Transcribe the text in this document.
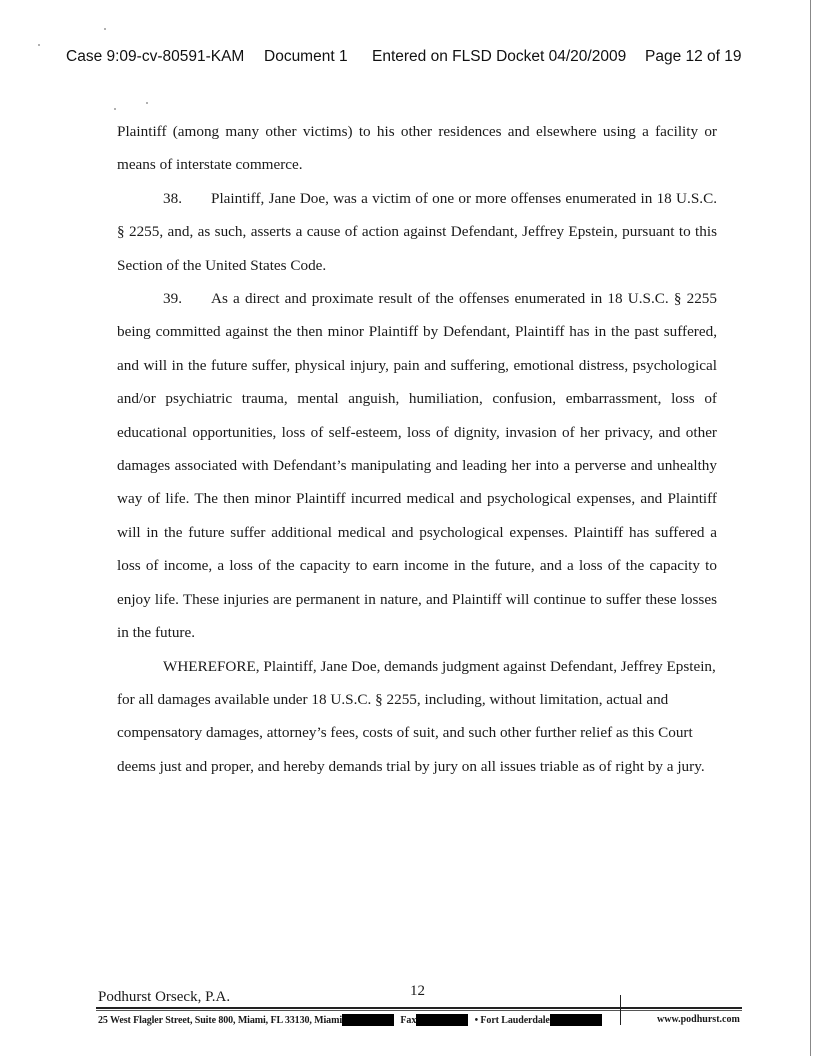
Case 9:09-cv-80591-KAM Document 1 Entered on FLSD Docket 04/20/2009 Page 12 of 19

Plaintiff (among many other victims) to his other residences and elsewhere using a facility or means of interstate commerce.

38. Plaintiff, Jane Doe, was a victim of one or more offenses enumerated in 18 U.S.C. § 2255, and, as such, asserts a cause of action against Defendant, Jeffrey Epstein, pursuant to this Section of the United States Code.

39. As a direct and proximate result of the offenses enumerated in 18 U.S.C. § 2255 being committed against the then minor Plaintiff by Defendant, Plaintiff has in the past suffered, and will in the future suffer, physical injury, pain and suffering, emotional distress, psychological and/or psychiatric trauma, mental anguish, humiliation, confusion, embarrassment, loss of educational opportunities, loss of self-esteem, loss of dignity, invasion of her privacy, and other damages associated with Defendant’s manipulating and leading her into a perverse and unhealthy way of life. The then minor Plaintiff incurred medical and psychological expenses, and Plaintiff will in the future suffer additional medical and psychological expenses. Plaintiff has suffered a loss of income, a loss of the capacity to earn income in the future, and a loss of the capacity to enjoy life. These injuries are permanent in nature, and Plaintiff will continue to suffer these losses in the future.

WHEREFORE, Plaintiff, Jane Doe, demands judgment against Defendant, Jeffrey Epstein, for all damages available under 18 U.S.C. § 2255, including, without limitation, actual and compensatory damages, attorney’s fees, costs of suit, and such other further relief as this Court deems just and proper, and hereby demands trial by jury on all issues triable as of right by a jury.

12
Podhurst Orseck, P.A.
25 West Flagler Street, Suite 800, Miami, FL 33130, Miami	Fax	• Fort Lauderdale	www.podhurst.com
